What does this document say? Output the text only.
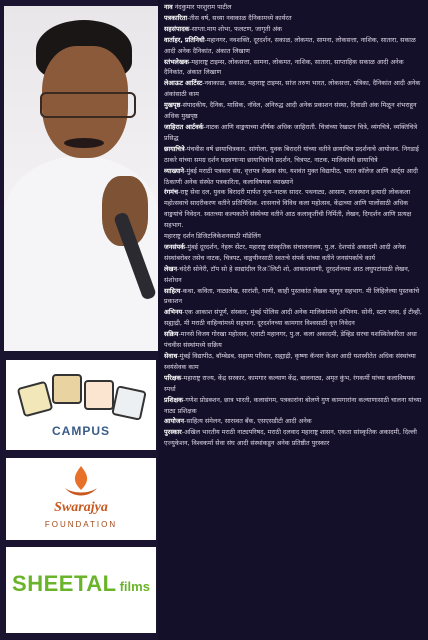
CAMPUS
Swarajya
FOUNDATION
SHEETAL films

नाव नंदकुमार परशुराम पाटील

पत्रकारिता-तीस वर्ष, सध्या नवाकाळ दैनिकामध्ये कार्यरत

सहसंपादक-साप्ता.माय शोभा, फलटण, जागृती अंक

वार्ताहर, प्रतिनिधी-महानगर, नवशक्ति, दूरदर्शन, सकाळ, लोकमत, सामना, लोकसत्ता, नाशिक, सातारा, सकाळ आदी अनेक दैनिकांत, अंकात लिखाण

स्तंभलेखक-महाराष्ट्र टाइम्स, लोकसत्ता, सामना, लोकमत, नाशिक, सातारा, साप्ताहिक सकाळ आदी अनेक दैनिकांत, अंकात लिखाण

लेआऊट आर्टिस्ट-नवाकाळ, सकाळ, महाराष्ट्र टाइम्स, सांज तरुण भारत, लोकसत्ता, पत्रिका, दैनिकांत आदी अनेक अंकांसाठी काम

मुखपृष्ठ-संपादकीय, दैनिक, मासिक, नॉवेल, अनिरुद्ध आदी अनेक प्रकाशन संस्था, दिवाळी अंक मिळून शंभराहून अधिक मुखपृष्ठ

जाहिरात आर्टवर्क-नाटक आणि वाङ्मयाच्या शीर्षक अधिक जाहिराती. चित्रांच्या रेखाटन चित्रे, व्यंगचित्रे, व्यक्तिचित्रे प्रसिद्ध

छायाचित्रे-पंचवीस वर्ष छायाचित्रकार. सांगोला, युवक बिरादरी यांच्या वतीने छायाचित्र प्रदर्शनाचे आयोजन. निगडाई ठाकरे यांच्या समग्र दर्शन घडवणाऱ्या छायाचित्रांचे प्रदर्शन, चित्रपट, नाटक, मालिकांची छायाचित्रे

व्याख्याने-मुंबई मराठी पत्रकार संघ, वृत्तपत्र लेखक संघ, यशवंत मुक्त विद्यापीठ, भारत कॉलेज आणि आर्ट्स आदी ठिकाणी अनेक संस्थेत पत्रकारिता, कलाविषयक व्याख्याने

रंगमंच-राष्ट्र सेवा दल, युवक बिरादरी मार्फत नृत्य-नाटक सादर. पथनाट्य, आसाम, राजस्थान इत्यादी लोककला महोत्सवाचे सादरीकरण वतीने प्रतिनिधित्व. शासनाचे विविध कला महोत्सव, केंद्राच्या आणि पालोंसाठी अधिक वाङ्मयांचे निवेदन. स्वतःच्या कल्पकतेने संस्थेच्या वतीने आठ कलाकृतींची निर्मिती, लेखन, दिग्दर्शन आणि प्रत्यक्ष सहभाग.

महाराष्ट्र दर्शन डिजिटलिकेशनसाठी मॉडेलिंग

जनसंपर्क-मुंबई दूरदर्शन, नेहरू सेंटर, महाराष्ट्र सांस्कृतिक संचालनालय, पु.ल. देशपांडे अकादमी आदी अनेक संस्थांबरोबर तसेच नाटक, चित्रपट, वाङ्मयीनसाठी स्वतःचे संपर्क यांच्या वतीने जनसंपर्काचे कार्य

लेखन-चंदेरी सोनेरी, टॉप सो हे साद्यांदील रिअॅलिटी शो, आकाशवाणी, दूरदर्शनच्या आठ लघुपटांसाठी लेखन, संशोधन

साहित्य-कथा, कविता, नाट्यलेख, सारांशी, गाणी, काही पुस्तकांत लेखक म्हणून सहभाग. मी लिहिलेल्या पुस्तकांचे प्रकाशन

अभिनय-एक आकाश संपूर्ण, संस्कार, मुंबई पोलिस आदी अनेक मालिकांमध्ये अभिनय. सोनी, स्टार प्लस, ई टीव्ही, सह्याद्री, मी मराठी वाहिन्यांमध्ये सहभाग. दूरदर्शनच्या कामगार विश्वसाठी वृत्त निवेदन

सक्रिय-मानसे विजय गोरखा महोत्सव, एशाटी महानगर, पु.ल. कला अकादमी, डेव्हिड सरचा यशस्वितेकरिता अधा पंचवीस संस्थांमध्ये सक्रिय

सेवाध-मुंबई विद्यापीठ, बॉम्बेडब, सहाय्य परिवार, सह्याद्री, कृष्णा कॅन्सर केअर आदी यशस्वीतेत अधिक संस्थांच्या स्वयंसेवक काम

परिक्षक-महाराष्ट्र राज्य, केंद्र सरकार, कामगार कल्याण केंद्र, बालनाट्य, अमृत कुंभ, रंगकर्मी यांच्या कलाविषयक स्पर्धा

प्रशिक्षक-गणेश प्रोडक्शन, छात्र भारती, कलासंगम, पत्रकारांना बोलणे गुण कामगारांना कल्याणासाठी चालना यांच्या नाट्य प्रशिक्षक

आयोजन-साहित्य संमेलन, सारस्वत बँक, एसएसडीटी आदी अनेक

पुरस्कार-अखिल भारतीय मराठी नाट्यपरिषद, मराठी दलवाद महाराष्ट्र शासन, एकता सांस्कृतिक अकादमी, दिल्ली एज्युकेशन, विश्वकर्मा सेवा संघ आदी संस्थांकडून अनेक प्रतिष्ठीत पुरस्कार
